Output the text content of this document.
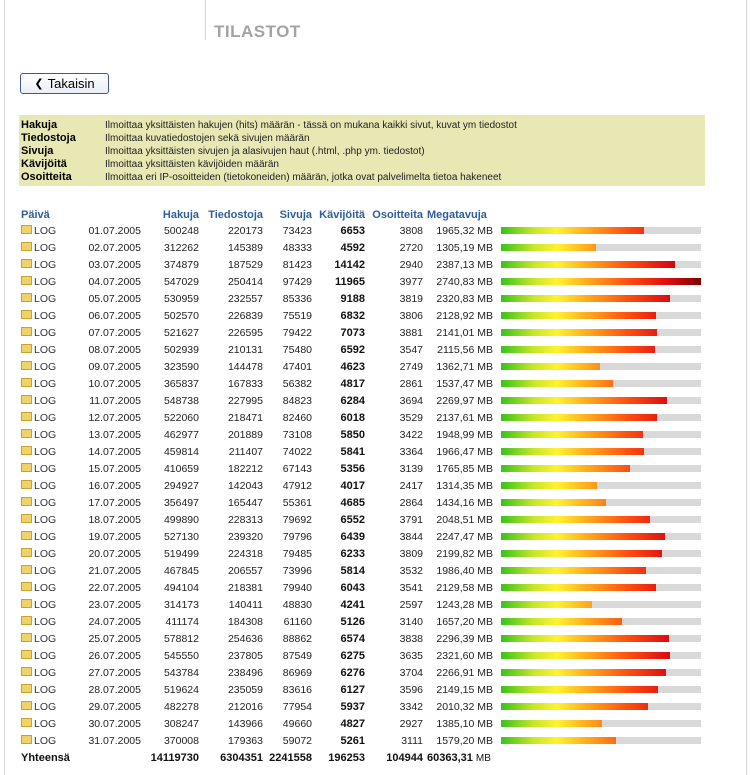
TILASTOT
❮ Takaisin
Hakuja	Ilmoittaa yksittäisten hakujen (hits) määrän - tässä on mukana kaikki sivut, kuvat ym tiedostot
Tiedostoja	Ilmoittaa kuvatiedostojen sekä sivujen määrän
Sivuja	Ilmoittaa yksittäisten sivujen ja alasivujen haut (.html, .php ym. tiedostot)
Kävijöitä	Ilmoittaa yksittäisten kävijöiden määrän
Osoitteita	Ilmoittaa eri IP-osoitteiden (tietokoneiden) määrän, jotka ovat palvelimelta tietoa hakeneet
Päivä		Hakuja	Tiedostoja	Sivuja	Kävijöitä	Osoitteita	Megatavuja	
LOG	01.07.2005	500248	220173	73423	6653	3808	1965,32 MB	

LOG	02.07.2005	312262	145389	48333	4592	2720	1305,19 MB	

LOG	03.07.2005	374879	187529	81423	14142	2940	2387,13 MB	

LOG	04.07.2005	547029	250414	97429	11965	3977	2740,83 MB	

LOG	05.07.2005	530959	232557	85336	9188	3819	2320,83 MB	

LOG	06.07.2005	502570	226839	75519	6832	3806	2128,92 MB	

LOG	07.07.2005	521627	226595	79422	7073	3881	2141,01 MB	

LOG	08.07.2005	502939	210131	75480	6592	3547	2115,56 MB	

LOG	09.07.2005	323590	144478	47401	4623	2749	1362,71 MB	

LOG	10.07.2005	365837	167833	56382	4817	2861	1537,47 MB	

LOG	11.07.2005	548738	227995	84823	6284	3694	2269,97 MB	

LOG	12.07.2005	522060	218471	82460	6018	3529	2137,61 MB	

LOG	13.07.2005	462977	201889	73108	5850	3422	1948,99 MB	

LOG	14.07.2005	459814	211407	74022	5841	3364	1966,47 MB	

LOG	15.07.2005	410659	182212	67143	5356	3139	1765,85 MB	

LOG	16.07.2005	294927	142043	47912	4017	2417	1314,35 MB	

LOG	17.07.2005	356497	165447	55361	4685	2864	1434,16 MB	

LOG	18.07.2005	499890	228313	79692	6552	3791	2048,51 MB	

LOG	19.07.2005	527130	239320	79796	6439	3844	2247,47 MB	

LOG	20.07.2005	519499	224318	79485	6233	3809	2199,82 MB	

LOG	21.07.2005	467845	206557	73996	5814	3532	1986,40 MB	

LOG	22.07.2005	494104	218381	79940	6043	3541	2129,58 MB	

LOG	23.07.2005	314173	140411	48830	4241	2597	1243,28 MB	

LOG	24.07.2005	411174	184308	61160	5126	3140	1657,20 MB	

LOG	25.07.2005	578812	254636	88862	6574	3838	2296,39 MB	

LOG	26.07.2005	545550	237805	87549	6275	3635	2321,60 MB	

LOG	27.07.2005	543784	238496	86969	6276	3704	2266,91 MB	

LOG	28.07.2005	519624	235059	83616	6127	3596	2149,15 MB	

LOG	29.07.2005	482278	212016	77954	5937	3342	2010,32 MB	

LOG	30.07.2005	308247	143966	49660	4827	2927	1385,10 MB	

LOG	31.07.2005	370008	179363	59072	5261	3111	1579,20 MB	

Yhteensä		14119730	6304351	2241558	196253	104944	60363,31 MB	
